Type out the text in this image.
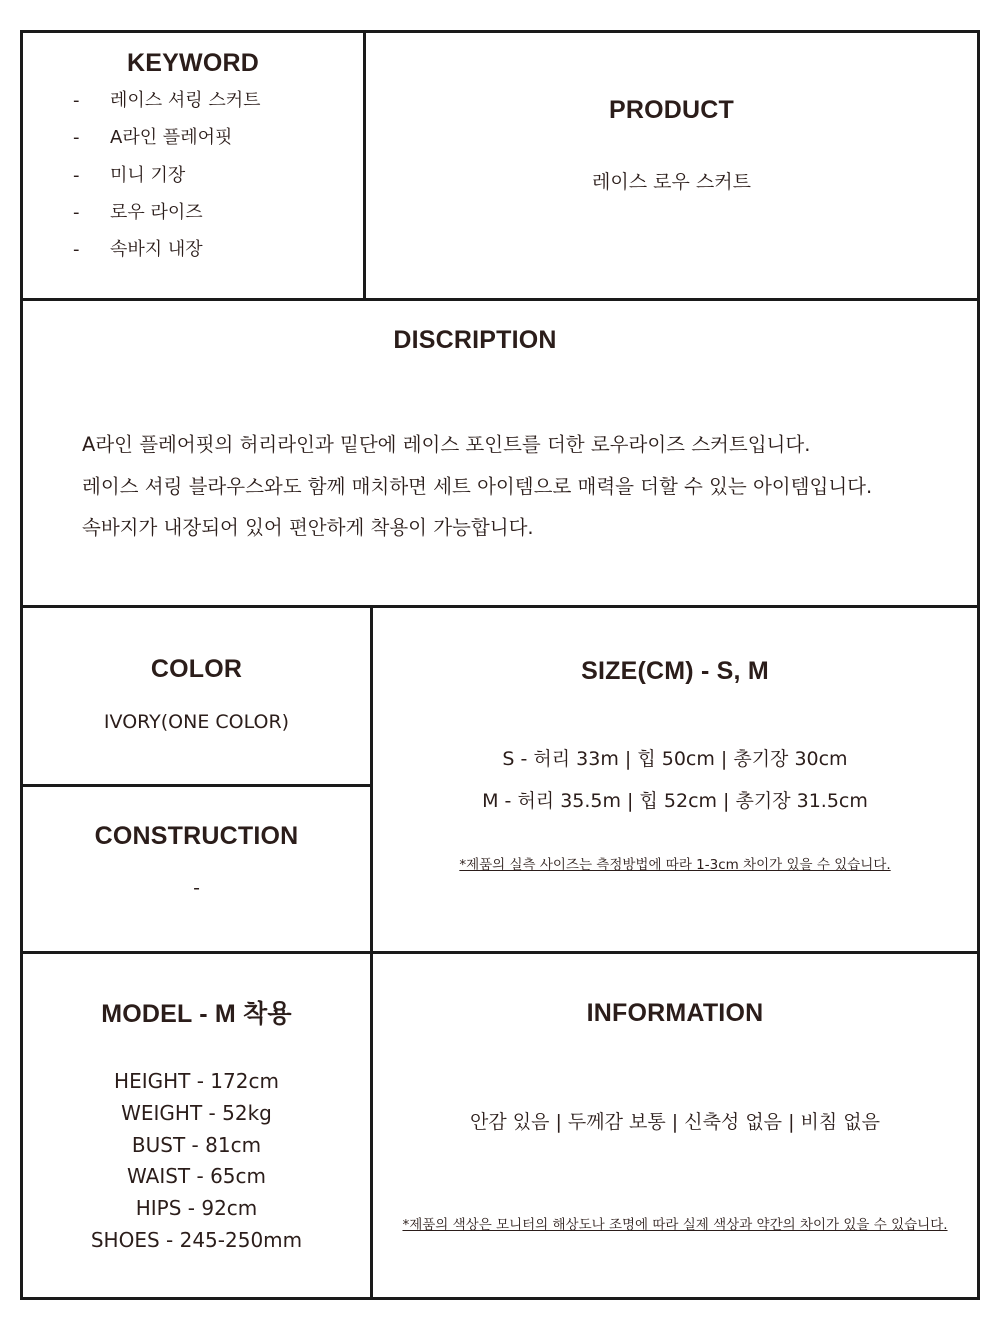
KEYWORD
-	레이스 셔링 스커트
-	A라인 플레어핏
-	미니 기장
-	로우 라이즈
-	속바지 내장
PRODUCT
레이스 로우 스커트
DISCRIPTION
A라인 플레어핏의 허리라인과 밑단에 레이스 포인트를 더한 로우라이즈 스커트입니다.
레이스 셔링 블라우스와도 함께 매치하면 세트 아이템으로 매력을 더할 수 있는 아이템입니다.
속바지가 내장되어 있어 편안하게 착용이 가능합니다.
COLOR
IVORY(ONE COLOR)
CONSTRUCTION
-
SIZE(CM) - S, M
S - 허리 33m | 힙 50cm | 총기장 30cm
M - 허리 35.5m | 힙 52cm | 총기장 31.5cm
*제품의 실측 사이즈는 측정방법에 따라 1-3cm 차이가 있을 수 있습니다.
MODEL - M 착용
HEIGHT - 172cm
WEIGHT - 52kg
BUST - 81cm
WAIST - 65cm
HIPS - 92cm
SHOES - 245-250mm
INFORMATION
안감 있음 | 두께감 보통 | 신축성 없음 | 비침 없음
*제품의 색상은 모니터의 해상도나 조명에 따라 실제 색상과 약간의 차이가 있을 수 있습니다.
